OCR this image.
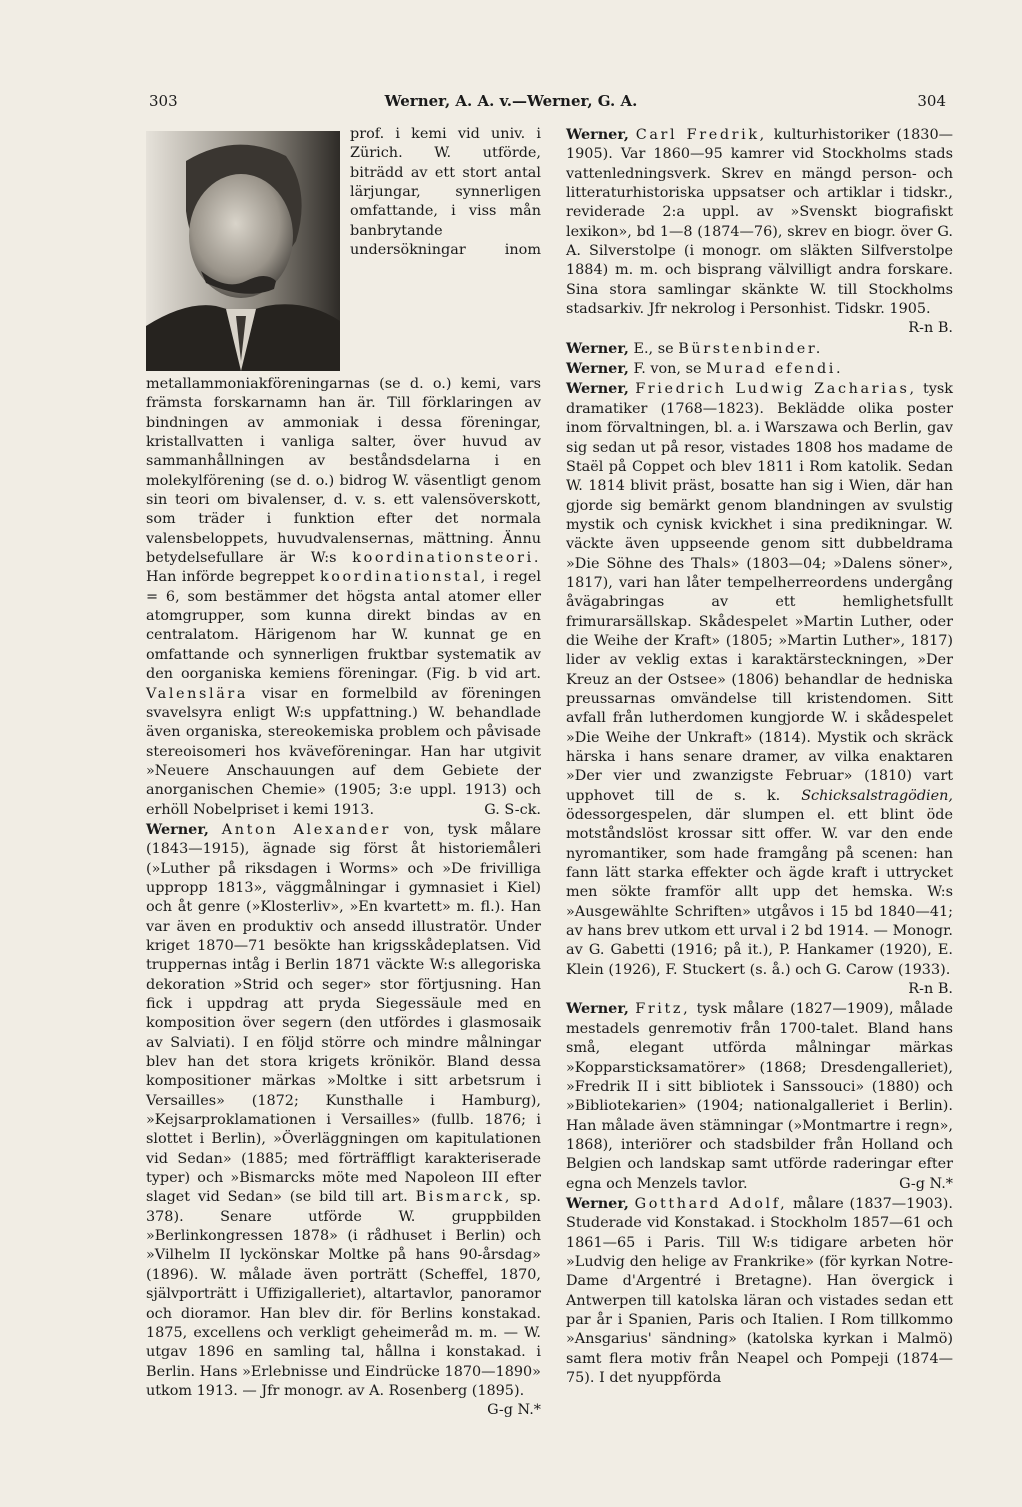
303	Werner, A. A. v.—Werner, G. A.	304

prof. i kemi vid univ. i Zürich. W. utförde, biträdd av ett stort antal lärjungar, synnerligen omfattande, i viss mån banbrytande undersökningar inom metallammoniakföreningarnas (se d. o.) kemi, vars främsta forskarnamn han är. Till förklaringen av bindningen av ammoniak i dessa föreningar, kristallvatten i vanliga salter, över huvud av sammanhållningen av beståndsdelarna i en molekylförening (se d. o.) bidrog W. väsentligt genom sin teori om bivalenser, d. v. s. ett valensöverskott, som träder i funktion efter det normala valensbeloppets, huvudvalensernas, mättning. Ännu betydelsefullare är W:s koordinationsteori. Han införde begreppet koordinationstal, i regel = 6, som bestämmer det högsta antal atomer eller atomgrupper, som kunna direkt bindas av en centralatom. Härigenom har W. kunnat ge en omfattande och synnerligen fruktbar systematik av den oorganiska kemiens föreningar. (Fig. b vid art. Valenslära visar en formelbild av föreningen svavelsyra enligt W:s uppfattning.) W. behandlade även organiska, stereokemiska problem och påvisade stereoisomeri hos kväveföreningar. Han har utgivit »Neuere Anschauungen auf dem Gebiete der anorganischen Chemie» (1905; 3:e uppl. 1913) och erhöll Nobelpriset i kemi 1913.	G. S-ck.

Werner, Anton Alexander von, tysk målare (1843—1915), ägnade sig först åt historiemåleri (»Luther på riksdagen i Worms» och »De frivilliga uppropp 1813», väggmålningar i gymnasiet i Kiel) och åt genre (»Klosterliv», »En kvartett» m. fl.). Han var även en produktiv och ansedd illustratör. Under kriget 1870—71 besökte han krigsskådeplatsen. Vid truppernas intåg i Berlin 1871 väckte W:s allegoriska dekoration »Strid och seger» stor förtjusning. Han fick i uppdrag att pryda Siegessäule med en komposition över segern (den utfördes i glasmosaik av Salviati). I en följd större och mindre målningar blev han det stora krigets krönikör. Bland dessa kompositioner märkas »Moltke i sitt arbetsrum i Versailles» (1872; Kunsthalle i Hamburg), »Kejsarproklamationen i Versailles» (fullb. 1876; i slottet i Berlin), »Överläggningen om kapitulationen vid Sedan» (1885; med förträffligt karakteriserade typer) och »Bismarcks möte med Napoleon III efter slaget vid Sedan» (se bild till art. Bismarck, sp. 378). Senare utförde W. gruppbilden »Berlinkongressen 1878» (i rådhuset i Berlin) och »Vilhelm II lyckönskar Moltke på hans 90-årsdag» (1896). W. målade även porträtt (Scheffel, 1870, självporträtt i Uffizigalleriet), altartavlor, panoramor och dioramor. Han blev dir. för Berlins konstakad. 1875, excellens och verkligt geheimeråd m. m. — W. utgav 1896 en samling tal, hållna i konstakad. i Berlin. Hans »Erlebnisse und Eindrücke 1870—1890» utkom 1913. — Jfr monogr. av A. Rosenberg (1895).
G-g N.*

Werner, Carl Fredrik, kulturhistoriker (1830—1905). Var 1860—95 kamrer vid Stockholms stads vattenledningsverk. Skrev en mängd person- och litteraturhistoriska uppsatser och artiklar i tidskr., reviderade 2:a uppl. av »Svenskt biografiskt lexikon», bd 1—8 (1874—76), skrev en biogr. över G. A. Silverstolpe (i monogr. om släkten Silfverstolpe 1884) m. m. och bisprang välvilligt andra forskare. Sina stora samlingar skänkte W. till Stockholms stadsarkiv. Jfr nekrolog i Personhist. Tidskr. 1905.
R-n B.

Werner, E., se Bürstenbinder.

Werner, F. von, se Murad efendi.

Werner, Friedrich Ludwig Zacharias, tysk dramatiker (1768—1823). Beklädde olika poster inom förvaltningen, bl. a. i Warszawa och Berlin, gav sig sedan ut på resor, vistades 1808 hos madame de Staël på Coppet och blev 1811 i Rom katolik. Sedan W. 1814 blivit präst, bosatte han sig i Wien, där han gjorde sig bemärkt genom blandningen av svulstig mystik och cynisk kvickhet i sina predikningar. W. väckte även uppseende genom sitt dubbeldrama »Die Söhne des Thals» (1803—04; »Dalens söner», 1817), vari han låter tempelherreordens undergång åvägabringas av ett hemlighetsfullt frimurarsällskap. Skådespelet »Martin Luther, oder die Weihe der Kraft» (1805; »Martin Luther», 1817) lider av veklig extas i karaktärsteckningen, »Der Kreuz an der Ostsee» (1806) behandlar de hedniska preussarnas omvändelse till kristendomen. Sitt avfall från lutherdomen kungjorde W. i skådespelet »Die Weihe der Unkraft» (1814). Mystik och skräck härska i hans senare dramer, av vilka enaktaren »Der vier und zwanzigste Februar» (1810) vart upphovet till de s. k. Schicksalstragödien, ödessorgespelen, där slumpen el. ett blint öde motståndslöst krossar sitt offer. W. var den ende nyromantiker, som hade framgång på scenen: han fann lätt starka effekter och ägde kraft i uttrycket men sökte framför allt upp det hemska. W:s »Ausgewählte Schriften» utgåvos i 15 bd 1840—41; av hans brev utkom ett urval i 2 bd 1914. — Monogr. av G. Gabetti (1916; på it.), P. Hankamer (1920), E. Klein (1926), F. Stuckert (s. å.) och G. Carow (1933).
R-n B.

Werner, Fritz, tysk målare (1827—1909), målade mestadels genremotiv från 1700-talet. Bland hans små, elegant utförda målningar märkas »Kopparsticksamatörer» (1868; Dresdengalleriet), »Fredrik II i sitt bibliotek i Sanssouci» (1880) och »Bibliotekarien» (1904; nationalgalleriet i Berlin). Han målade även stämningar (»Montmartre i regn», 1868), interiörer och stadsbilder från Holland och Belgien och landskap samt utförde raderingar efter egna och Menzels tavlor.	G-g N.*

Werner, Gotthard Adolf, målare (1837—1903). Studerade vid Konstakad. i Stockholm 1857—61 och 1861—65 i Paris. Till W:s tidigare arbeten hör »Ludvig den helige av Frankrike» (för kyrkan Notre-Dame d'Argentré i Bretagne). Han övergick i Antwerpen till katolska läran och vistades sedan ett par år i Spanien, Paris och Italien. I Rom tillkommo »Ansgarius' sändning» (katolska kyrkan i Malmö) samt flera motiv från Neapel och Pompeji (1874—75). I det nyuppförda
